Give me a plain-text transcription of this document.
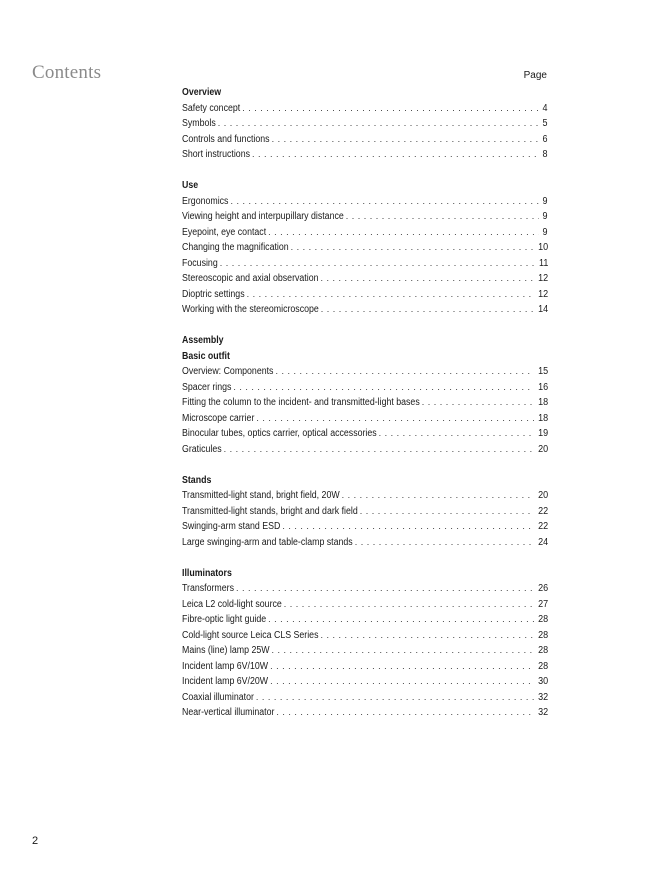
Contents	Page
Overview
Safety concept . . .	4
Symbols . . .	5
Controls and functions . . .	6
Short instructions . . .	8
Use
Ergonomics . . .	9
Viewing height and interpupillary distance . . .	9
Eyepoint, eye contact . . .	9
Changing the magnification . . .	10
Focusing . . .	11
Stereoscopic and axial observation . . .	12
Dioptric settings . . .	12
Working with the stereomicroscope . . .	14
Assembly
Basic outfit
Overview: Components . . .	15
Spacer rings . . .	16
Fitting the column to the incident- and transmitted-light bases . . .	18
Microscope carrier . . .	18
Binocular tubes, optics carrier, optical accessories . . .	19
Graticules . . .	20
Stands
Transmitted-light stand, bright field, 20W . . .	20
Transmitted-light stands, bright and dark field . . .	22
Swinging-arm stand ESD . . .	22
Large swinging-arm and table-clamp stands . . .	24
Illuminators
Transformers . . .	26
Leica L2 cold-light source . . .	27
Fibre-optic light guide . . .	28
Cold-light source Leica CLS Series . . .	28
Mains (line) lamp 25W . . .	28
Incident lamp 6V/10W . . .	28
Incident lamp 6V/20W . . .	30
Coaxial illuminator . . .	32
Near-vertical illuminator . . .	32
2
